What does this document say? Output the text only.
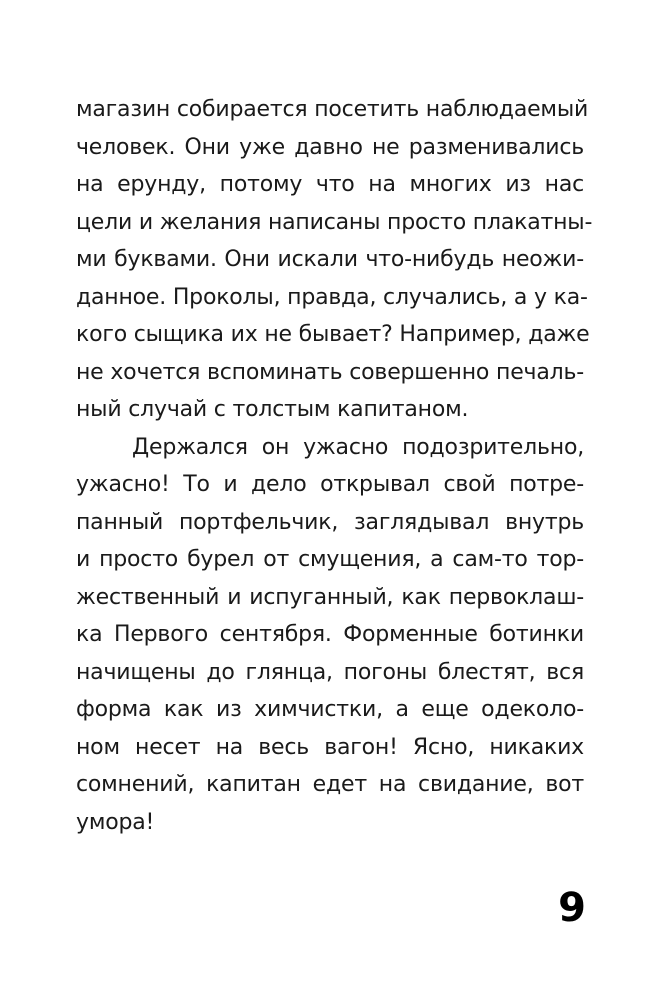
магазин собирается посетить наблюдаемый
человек. Они уже давно не разменивались
на ерунду, потому что на многих из нас
цели и желания написаны просто плакатны-
ми буквами. Они искали что-нибудь неожи-
данное. Проколы, правда, случались, а у ка-
кого сыщика их не бывает? Например, даже
не хочется вспоминать совершенно печаль-
ный случай с толстым капитаном.
Держался он ужасно подозрительно,
ужасно! То и дело открывал свой потре-
панный портфельчик, заглядывал внутрь
и просто бурел от смущения, а сам-то тор-
жественный и испуганный, как первоклаш-
ка Первого сентября. Форменные ботинки
начищены до глянца, погоны блестят, вся
форма как из химчистки, а еще одеколо-
ном несет на весь вагон! Ясно, никаких
сомнений, капитан едет на свидание, вот
умора!
9
